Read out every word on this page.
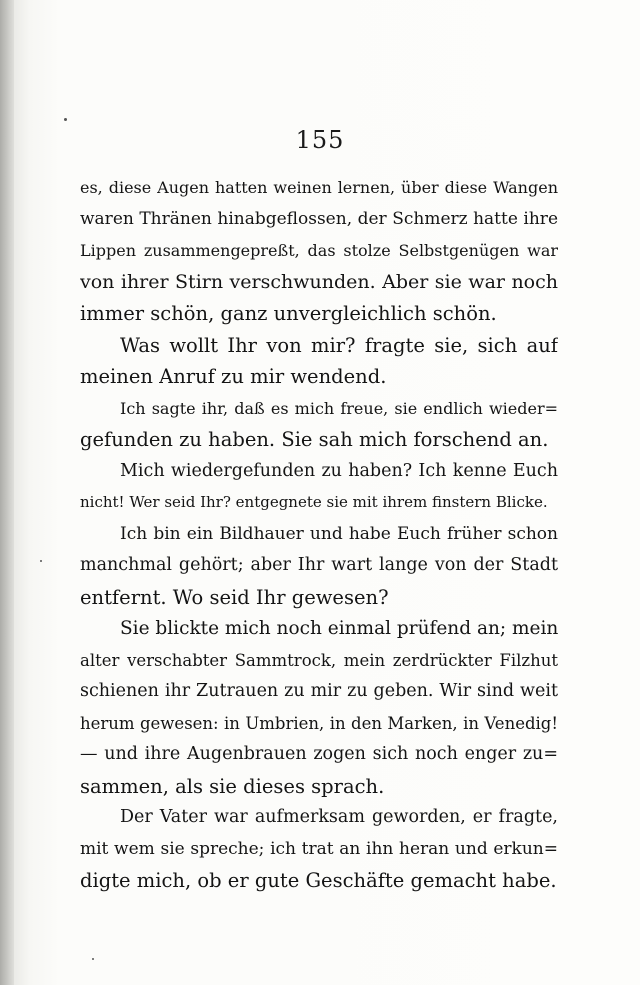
155
es, diese Augen hatten weinen lernen, über diese Wangen
waren Thränen hinabgeflossen, der Schmerz hatte ihre
Lippen zusammengepreßt, das stolze Selbstgenügen war
von ihrer Stirn verschwunden. Aber sie war noch
immer schön, ganz unvergleichlich schön.
Was wollt Ihr von mir? fragte sie, sich auf
meinen Anruf zu mir wendend.
Ich sagte ihr, daß es mich freue, sie endlich wieder=
gefunden zu haben. Sie sah mich forschend an.
Mich wiedergefunden zu haben? Ich kenne Euch
nicht! Wer seid Ihr? entgegnete sie mit ihrem finstern Blicke.
Ich bin ein Bildhauer und habe Euch früher schon
manchmal gehört; aber Ihr wart lange von der Stadt
entfernt. Wo seid Ihr gewesen?
Sie blickte mich noch einmal prüfend an; mein
alter verschabter Sammtrock, mein zerdrückter Filzhut
schienen ihr Zutrauen zu mir zu geben. Wir sind weit
herum gewesen: in Umbrien, in den Marken, in Venedig!
— und ihre Augenbrauen zogen sich noch enger zu=
sammen, als sie dieses sprach.
Der Vater war aufmerksam geworden, er fragte,
mit wem sie spreche; ich trat an ihn heran und erkun=
digte mich, ob er gute Geschäfte gemacht habe.
